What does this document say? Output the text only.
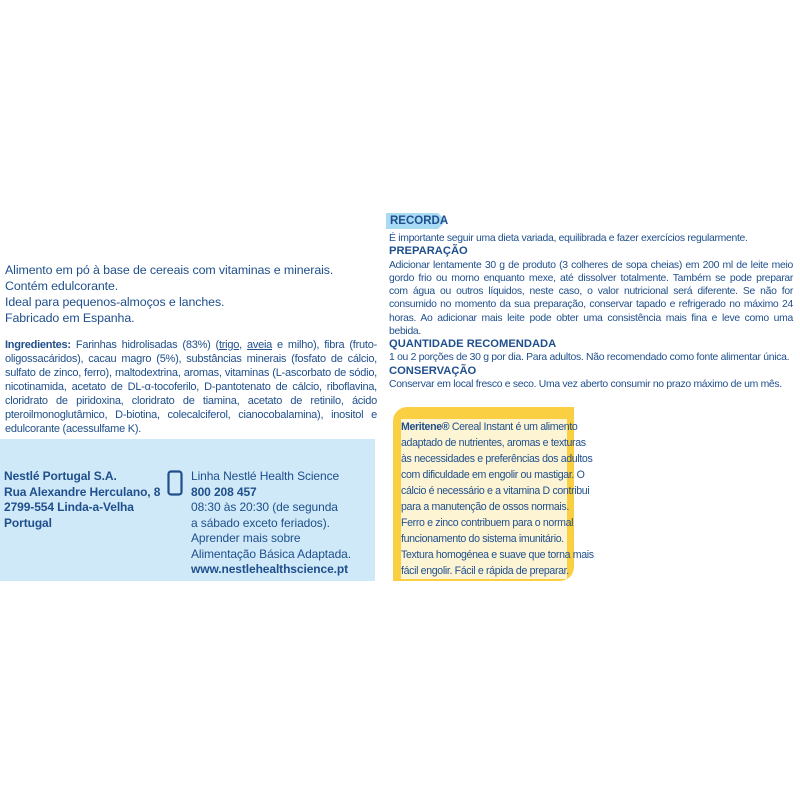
Alimento em pó à base de cereais com vitaminas e minerais.
Contém edulcorante.
Ideal para pequenos-almoços e lanches.
Fabricado em Espanha.
Ingredientes: Farinhas hidrolisadas (83%) (trigo, aveia e milho), fibra (fruto-oligossacáridos), cacau magro (5%), substâncias minerais (fosfato de cálcio, sulfato de zinco, ferro), maltodextrina, aromas, vitaminas (L-ascorbato de sódio, nicotinamida, acetato de DL-α-tocoferilo, D-pantotenato de cálcio, riboflavina, cloridrato de piridoxina, cloridrato de tiamina, acetato de retinilo, ácido pteroilmonoglutâmico, D-biotina, colecalciferol, cianocobalamina), inositol e edulcorante (acessulfame K).
Nestlé Portugal S.A.
Rua Alexandre Herculano, 8
2799-554 Linda-a-Velha
Portugal
Linha Nestlé Health Science
800 208 457
08:30 às 20:30 (de segunda
a sábado exceto feriados).
Aprender mais sobre
Alimentação Básica Adaptada.
www.nestlehealthscience.pt
RECORDA
É importante seguir uma dieta variada, equilibrada e fazer exercícios regularmente.
PREPARAÇÃO
Adicionar lentamente 30 g de produto (3 colheres de sopa cheias) em 200 ml de leite meio gordo frio ou morno enquanto mexe, até dissolver totalmente. Também se pode preparar com água ou outros líquidos, neste caso, o valor nutricional será diferente. Se não for consumido no momento da sua preparação, conservar tapado e refrigerado no máximo 24 horas. Ao adicionar mais leite pode obter uma consistência mais fina e leve como uma bebida.
QUANTIDADE RECOMENDADA
1 ou 2 porções de 30 g por dia. Para adultos. Não recomendado como fonte alimentar única.
CONSERVAÇÃO
Conservar em local fresco e seco. Uma vez aberto consumir no prazo máximo de um mês.
Meritene® Cereal Instant é um alimento
adaptado de nutrientes, aromas e texturas
às necessidades e preferências dos adultos
com dificuldade em engolir ou mastigar. O
cálcio é necessário e a vitamina D contribui
para a manutenção de ossos normais.
Ferro e zinco contribuem para o normal
funcionamento do sistema imunitário.
Textura homogénea e suave que torna mais
fácil engolir. Fácil e rápida de preparar.
